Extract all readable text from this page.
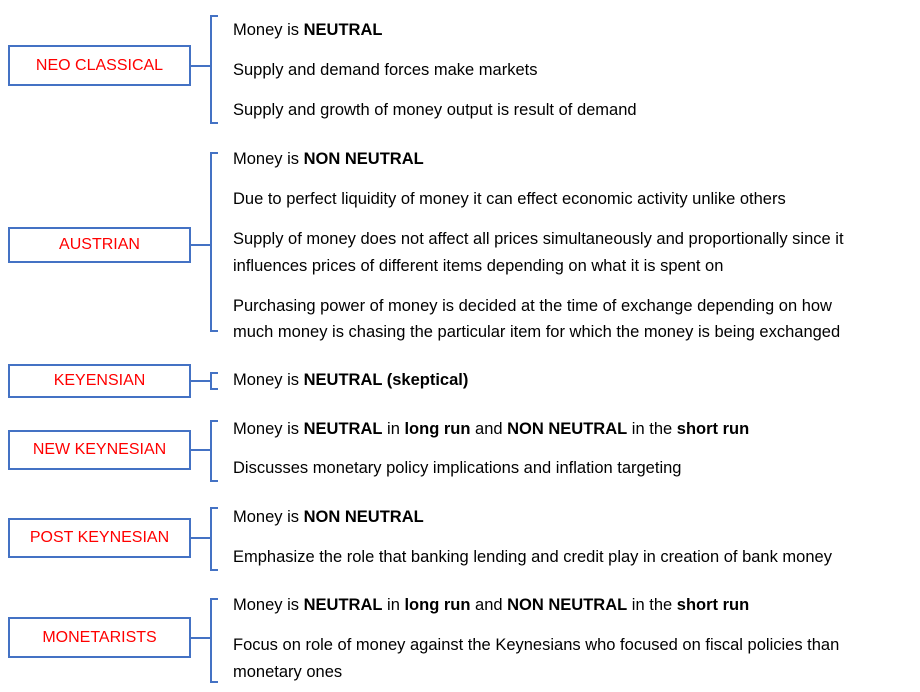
NEO CLASSICAL
Money is NEUTRAL
Supply and demand forces make markets
Supply and growth of money output is result of demand
AUSTRIAN
Money is NON NEUTRAL
Due to perfect liquidity of money it can effect economic activity unlike others
Supply of money does not affect all prices simultaneously and proportionally since it
influences prices of different items depending on what it is spent on
Purchasing power of money is decided at the time of exchange depending on how
much money is chasing the particular item for which the money is being exchanged
KEYENSIAN	Money is NEUTRAL (skeptical)
NEW KEYNESIAN
Money is NEUTRAL in long run and NON NEUTRAL in the short run
Discusses monetary policy implications and inflation targeting
POST KEYNESIAN
Money is NON NEUTRAL
Emphasize the role that banking lending and credit play in creation of bank money
MONETARISTS
Money is NEUTRAL in long run and NON NEUTRAL in the short run
Focus on role of money against the Keynesians who focused on fiscal policies than
monetary ones
